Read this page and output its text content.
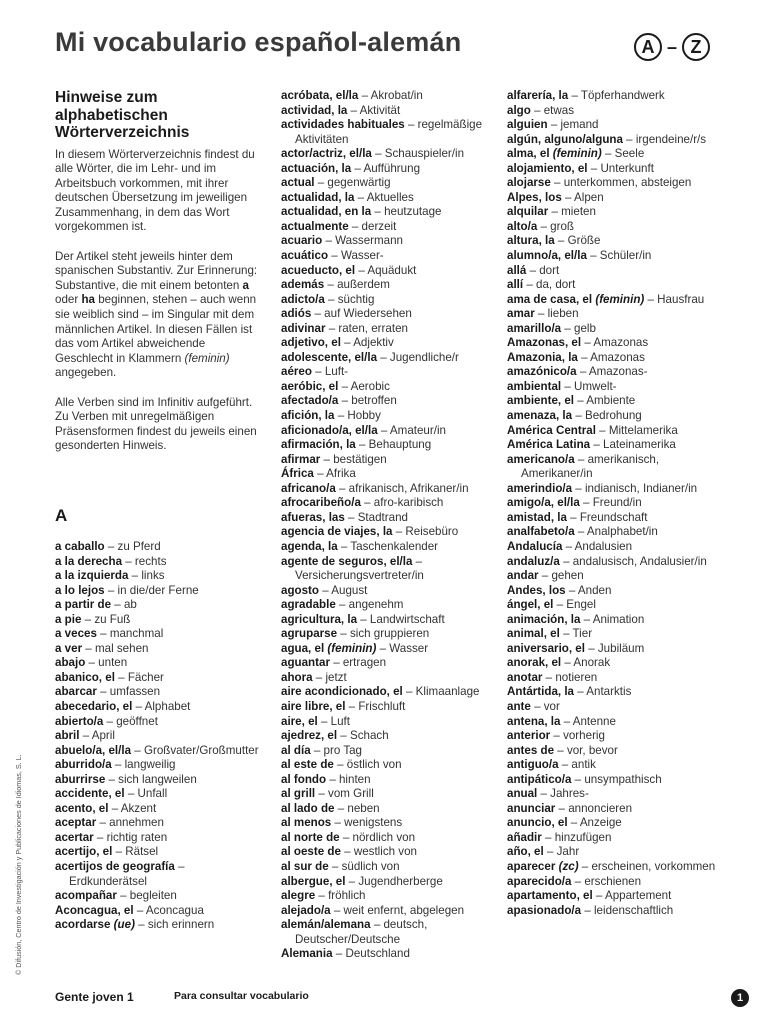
Mi vocabulario español-alemán	A – Z
Hinweise zum alphabetischen Wörterverzeichnis

In diesem Wörterverzeichnis findest du alle Wörter, die im Lehr- und im Arbeitsbuch vorkommen, mit ihrer deutschen Übersetzung im jeweiligen Zusammenhang, in dem das Wort vorgekommen ist.

Der Artikel steht jeweils hinter dem spanischen Substantiv. Zur Erinnerung: Substantive, die mit einem betonten a oder ha beginnen, stehen – auch wenn sie weiblich sind – im Singular mit dem männlichen Artikel. In diesen Fällen ist das vom Artikel abweichende Geschlecht in Klammern (feminin) angegeben.

Alle Verben sind im Infinitiv aufgeführt. Zu Verben mit unregelmäßigen Präsensformen findest du jeweils einen gesonderten Hinweis.

A
a caballo – zu Pferd
a la derecha – rechts
a la izquierda – links
a lo lejos – in die/der Ferne
a partir de – ab
a pie – zu Fuß
a veces – manchmal
a ver – mal sehen
abajo – unten
abanico, el – Fächer
abarcar – umfassen
abecedario, el – Alphabet
abierto/a – geöffnet
abril – April
abuelo/a, el/la – Großvater/Großmutter
aburrido/a – langweilig
aburrirse – sich langweilen
accidente, el – Unfall
acento, el – Akzent
aceptar – annehmen
acertar – richtig raten
acertijo, el – Rätsel
acertijos de geografía – Erdkunderätsel
acompañar – begleiten
Aconcagua, el – Aconcagua
acordarse (ue) – sich erinnern
acróbata, el/la – Akrobat/in
actividad, la – Aktivität
actividades habituales – regelmäßige Aktivitäten
actor/actriz, el/la – Schauspieler/in
actuación, la – Aufführung
actual – gegenwärtig
actualidad, la – Aktuelles
actualidad, en la – heutzutage
actualmente – derzeit
acuario – Wassermann
acuático – Wasser-
acueducto, el – Aquädukt
además – außerdem
adicto/a – süchtig
adiós – auf Wiedersehen
adivinar – raten, erraten
adjetivo, el – Adjektiv
adolescente, el/la – Jugendliche/r
aéreo – Luft-
aeróbic, el – Aerobic
afectado/a – betroffen
afición, la – Hobby
aficionado/a, el/la – Amateur/in
afirmación, la – Behauptung
afirmar – bestätigen
África – Afrika
africano/a – afrikanisch, Afrikaner/in
afrocaribeño/a – afro-karibisch
afueras, las – Stadtrand
agencia de viajes, la – Reisebüro
agenda, la – Taschenkalender
agente de seguros, el/la – Versicherungsvertreter/in
agosto – August
agradable – angenehm
agricultura, la – Landwirtschaft
agruparse – sich gruppieren
agua, el (feminin) – Wasser
aguantar – ertragen
ahora – jetzt
aire acondicionado, el – Klimaanlage
aire libre, el – Frischluft
aire, el – Luft
ajedrez, el – Schach
al día – pro Tag
al este de – östlich von
al fondo – hinten
al grill – vom Grill
al lado de – neben
al menos – wenigstens
al norte de – nördlich von
al oeste de – westlich von
al sur de – südlich von
albergue, el – Jugendherberge
alegre – fröhlich
alejado/a – weit enfernt, abgelegen
alemán/alemana – deutsch, Deutscher/Deutsche
Alemania – Deutschland
alfarería, la – Töpferhandwerk
algo – etwas
alguien – jemand
algún, alguno/alguna – irgendeine/r/s
alma, el (feminin) – Seele
alojamiento, el – Unterkunft
alojarse – unterkommen, absteigen
Alpes, los – Alpen
alquilar – mieten
alto/a – groß
altura, la – Größe
alumno/a, el/la – Schüler/in
allá – dort
allí – da, dort
ama de casa, el (feminin) – Hausfrau
amar – lieben
amarillo/a – gelb
Amazonas, el – Amazonas
Amazonia, la – Amazonas
amazónico/a – Amazonas-
ambiental – Umwelt-
ambiente, el – Ambiente
amenaza, la – Bedrohung
América Central – Mittelamerika
América Latina – Lateinamerika
americano/a – amerikanisch, Amerikaner/in
amerindio/a – indianisch, Indianer/in
amigo/a, el/la – Freund/in
amistad, la – Freundschaft
analfabeto/a – Analphabet/in
Andalucía – Andalusien
andaluz/a – andalusisch, Andalusier/in
andar – gehen
Andes, los – Anden
ángel, el – Engel
animación, la – Animation
animal, el – Tier
aniversario, el – Jubiläum
anorak, el – Anorak
anotar – notieren
Antártida, la – Antarktis
ante – vor
antena, la – Antenne
anterior – vorherig
antes de – vor, bevor
antiguo/a – antik
antipático/a – unsympathisch
anual – Jahres-
anunciar – annoncieren
anuncio, el – Anzeige
añadir – hinzufügen
año, el – Jahr
aparecer (zc) – erscheinen, vorkommen
aparecido/a – erschienen
apartamento, el – Appartement
apasionado/a – leidenschaftlich
© Difusión, Centro de Investigación y Publicaciones de Idiomas, S. L.
Gente joven 1	Para consultar vocabulario	1
